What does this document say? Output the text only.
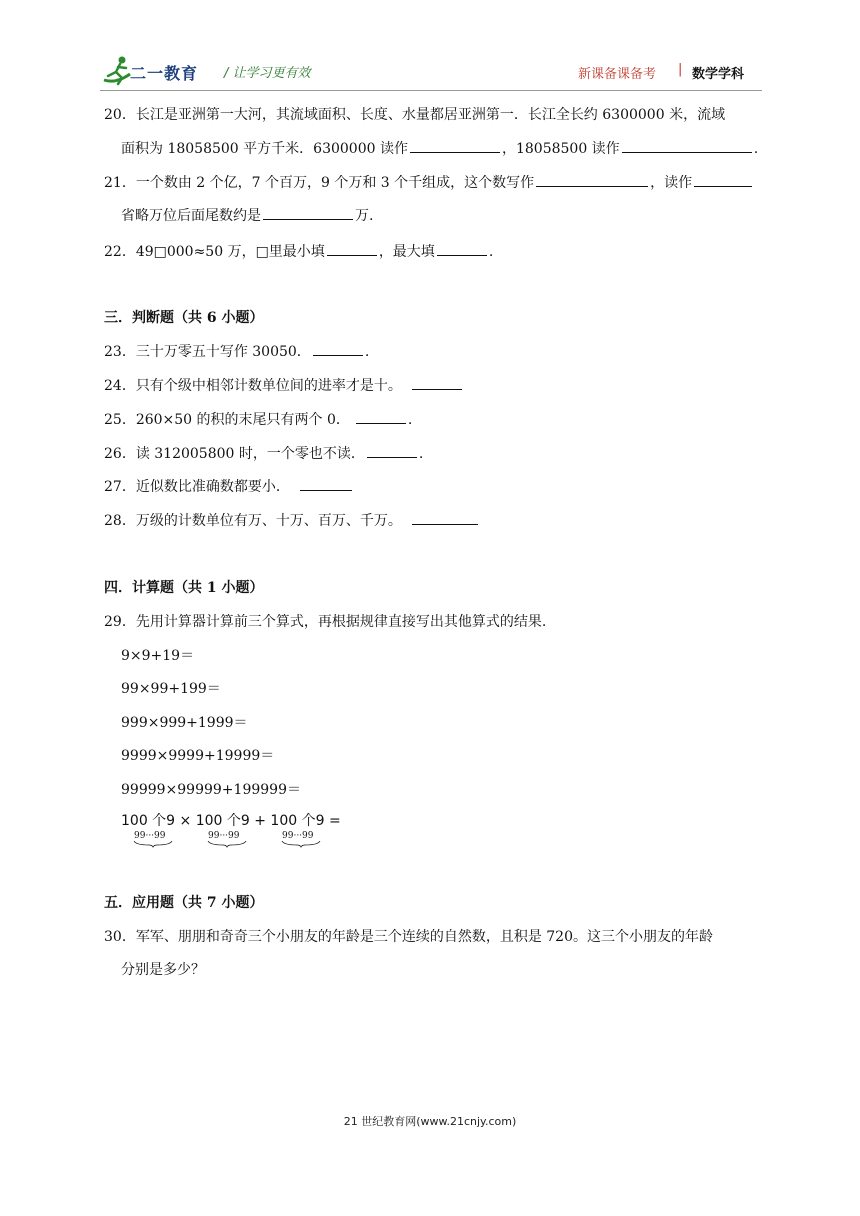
二一教育 / 让学习更有效	新课备课备考 | 数学学科
20．长江是亚洲第一大河，其流域面积、长度、水量都居亚洲第一．长江全长约 6300000 米，流域
面积为 18058500 平方千米．6300000 读作	，18058500 读作	.
21．一个数由 2 个亿，7 个百万，9 个万和 3 个千组成，这个数写作	，读作
省略万位后面尾数约是	万.
22．49□000≈50 万，□里最小填	，最大填	.
三．判断题（共 6 小题）
23．三十万零五十写作 30050．	.
24．只有个级中相邻计数单位间的进率才是十。
25．260×50 的积的末尾只有两个 0．	.
26．读 312005800 时，一个零也不读．	.
27．近似数比准确数都要小．
28．万级的计数单位有万、十万、百万、千万。
四．计算题（共 1 小题）
29．先用计算器计算前三个算式，再根据规律直接写出其他算式的结果.
9×9+19＝
99×99+199＝
999×999+1999＝
9999×9999+19999＝
99999×99999+199999＝
100 个9 × 100 个9 + 100 个9 =
99···99	99···99	99···99
五．应用题（共 7 小题）
30．军军、朋朋和奇奇三个小朋友的年龄是三个连续的自然数，且积是 720。这三个小朋友的年龄
分别是多少？
21 世纪教育网(www.21cnjy.com)
